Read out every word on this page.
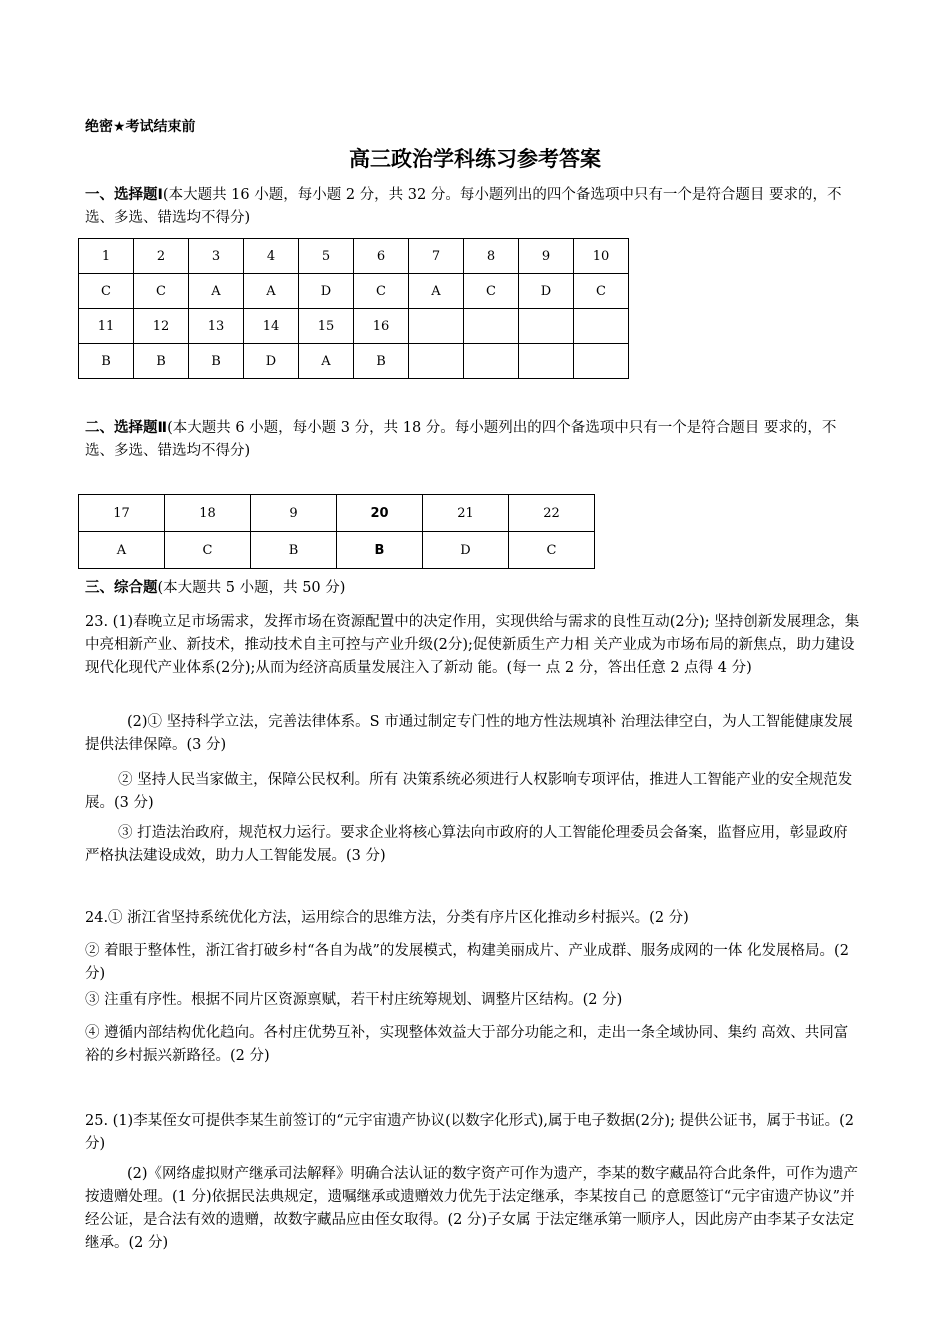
绝密★考试结束前
高三政治学科练习参考答案
一、选择题Ⅰ(本大题共 16 小题，每小题 2 分，共 32 分。每小题列出的四个备选项中只有一个是符合题目 要求的，不选、多选、错选均不得分)
1	2	3	4	5	6	7	8	9	10
C	C	A	A	D	C	A	C	D	C
11	12	13	14	15	16				
B	B	B	D	A	B				
二、选择题Ⅱ(本大题共 6 小题，每小题 3 分，共 18 分。每小题列出的四个备选项中只有一个是符合题目 要求的，不选、多选、错选均不得分)
17	18	9	20	21	22
A	C	B	B	D	C
三、综合题(本大题共 5 小题，共 50 分)
23. (1)春晚立足市场需求，发挥市场在资源配置中的决定作用，实现供给与需求的良性互动(2分); 坚持创新发展理念，集中亮相新产业、新技术，推动技术自主可控与产业升级(2分);促使新质生产力相 关产业成为市场布局的新焦点，助力建设现代化现代产业体系(2分);从而为经济高质量发展注入了新动 能。(每一 点 2 分，答出任意 2 点得 4 分)
(2)① 坚持科学立法，完善法律体系。S 市通过制定专门性的地方性法规填补 治理法律空白，为人工智能健康发展提供法律保障。(3 分)
② 坚持人民当家做主，保障公民权利。所有 决策系统必须进行人权影响专项评估，推进人工智能产业的安全规范发展。(3 分)
③ 打造法治政府，规范权力运行。要求企业将核心算法向市政府的人工智能伦理委员会备案，监督应用，彰显政府严格执法建设成效，助力人工智能发展。(3 分)
24.① 浙江省坚持系统优化方法，运用综合的思维方法，分类有序片区化推动乡村振兴。(2 分)
② 着眼于整体性，浙江省打破乡村“各自为战”的发展模式，构建美丽成片、产业成群、服务成网的一体 化发展格局。(2 分)
③ 注重有序性。根据不同片区资源禀赋，若干村庄统筹规划、调整片区结构。(2 分)
④ 遵循内部结构优化趋向。各村庄优势互补，实现整体效益大于部分功能之和，走出一条全域协同、集约 高效、共同富裕的乡村振兴新路径。(2 分)
25. (1)李某侄女可提供李某生前签订的“元宇宙遗产协议(以数字化形式),属于电子数据(2分); 提供公证书，属于书证。(2 分)
(2)《网络虚拟财产继承司法解释》明确合法认证的数字资产可作为遗产，李某的数字藏品符合此条件，可作为遗产按遗赠处理。(1 分)依据民法典规定，遗嘱继承或遗赠效力优先于法定继承，李某按自己 的意愿签订“元宇宙遗产协议”并经公证，是合法有效的遗赠，故数字藏品应由侄女取得。(2 分)子女属 于法定继承第一顺序人，因此房产由李某子女法定继承。(2 分)
